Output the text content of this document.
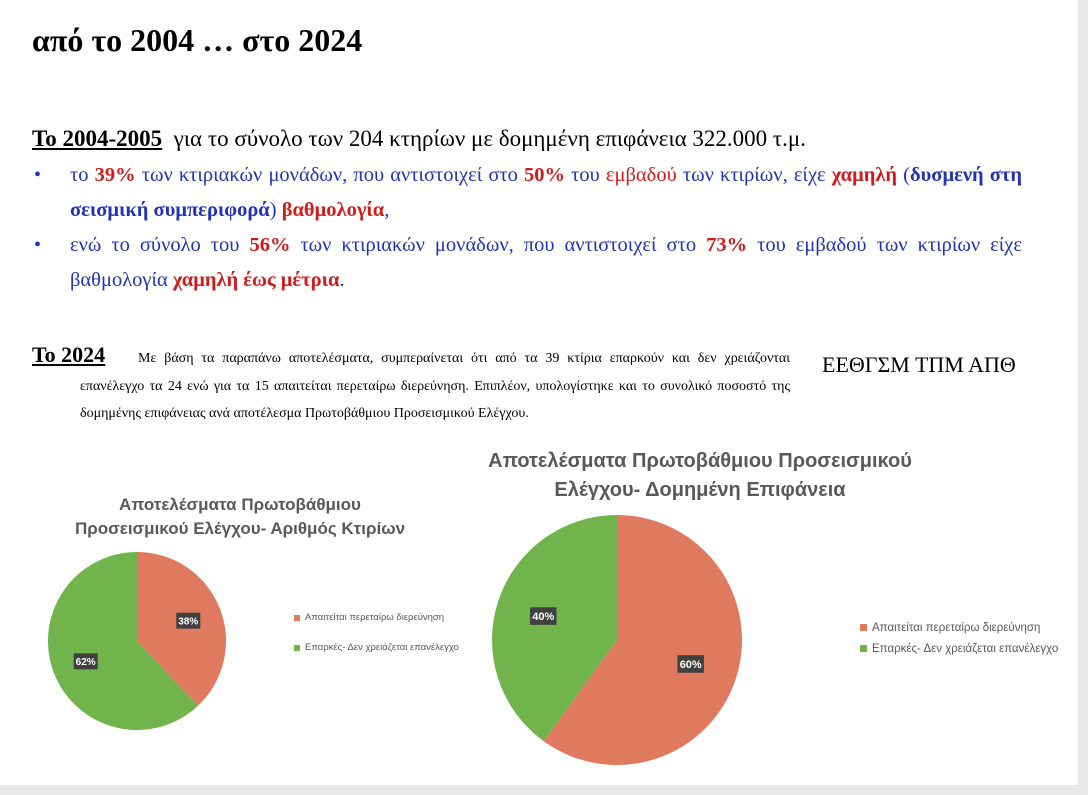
από το 2004 … στο 2024
Το 2004-2005 για το σύνολο των 204 κτηρίων με δομημένη επιφάνεια 322.000 τ.μ.
• το 39% των κτιριακών μονάδων, που αντιστοιχεί στο 50% του εμβαδού των κτιρίων, είχε χαμηλή (δυσμενή στη σεισμική συμπεριφορά) βαθμολογία,
• ενώ το σύνολο του 56% των κτιριακών μονάδων, που αντιστοιχεί στο 73% του εμβαδού των κτιρίων είχε βαθμολογία χαμηλή έως μέτρια.
Το 2024	Με βάση τα παραπάνω αποτελέσματα, συμπεραίνεται ότι από τα 39 κτίρια επαρκούν και δεν χρειάζονται επανέλεγχο τα 24 ενώ για τα 15 απαιτείται περεταίρω διερεύνηση. Επιπλέον, υπολογίστηκε και το συνολικό ποσοστό της δομημένης επιφάνειας ανά αποτέλεσμα Πρωτοβάθμιου Προσεισμικού Ελέγχου.
ΕΕΘΓΣΜ ΤΠΜ ΑΠΘ
Αποτελέσματα Πρωτοβάθμιου
Προσεισμικού Ελέγχου- Αριθμός Κτιρίων
Αποτελέσματα Πρωτοβάθμιου Προσεισμικού
Ελέγχου- Δομημένη Επιφάνεια
38%
62%	60%
40%
Απαιτείται περεταίρω διερεύνηση
Επαρκές- Δεν χρειάζεται επανέλεγχο
Απαιτείται περεταίρω διερεύνηση
Επαρκές- Δεν χρειάζεται επανέλεγχο
